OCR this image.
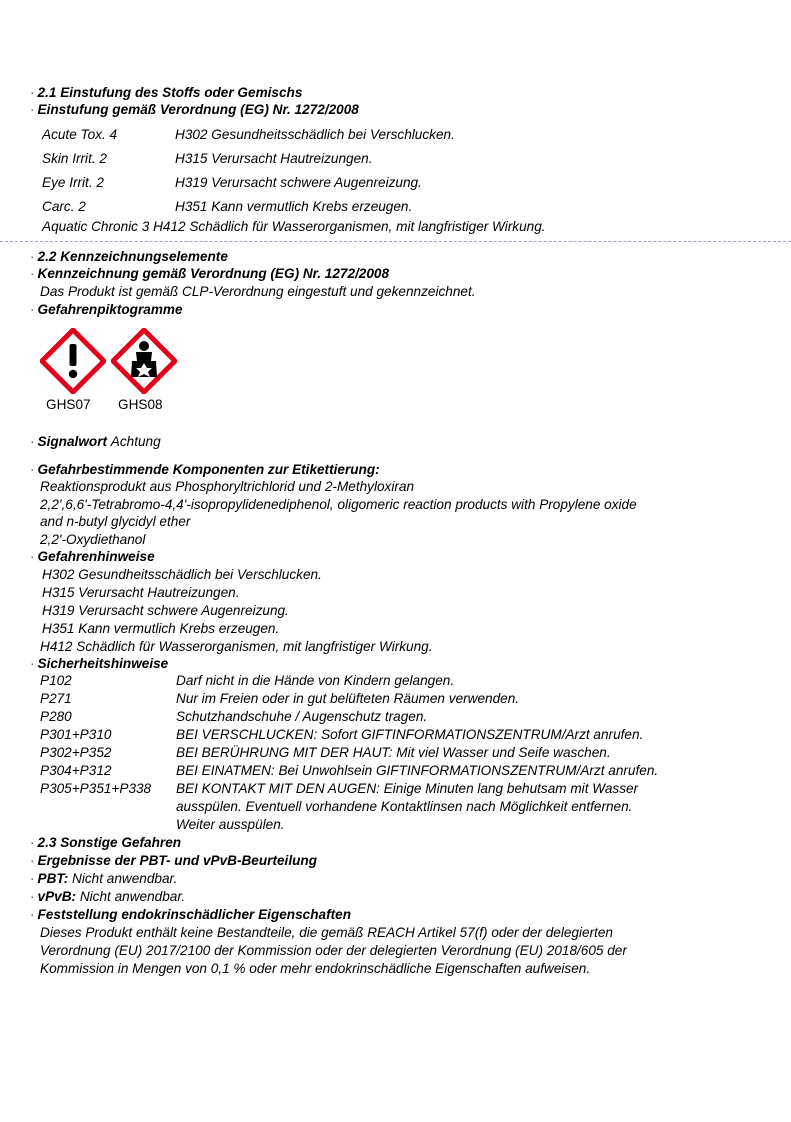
· 2.1 Einstufung des Stoffs oder Gemischs
· Einstufung gemäß Verordnung (EG) Nr. 1272/2008
Acute Tox. 4	H302 Gesundheitsschädlich bei Verschlucken.
Skin Irrit. 2	H315 Verursacht Hautreizungen.
Eye Irrit. 2	H319 Verursacht schwere Augenreizung.
Carc. 2	H351 Kann vermutlich Krebs erzeugen.
Aquatic Chronic 3 H412 Schädlich für Wasserorganismen, mit langfristiger Wirkung.
· 2.2 Kennzeichnungselemente
· Kennzeichnung gemäß Verordnung (EG) Nr. 1272/2008
Das Produkt ist gemäß CLP-Verordnung eingestuft und gekennzeichnet.
· Gefahrenpiktogramme
GHS07 GHS08
· Signalwort Achtung
· Gefahrbestimmende Komponenten zur Etikettierung:
Reaktionsprodukt aus Phosphoryltrichlorid und 2-Methyloxiran
2,2',6,6'-Tetrabromo-4,4'-isopropylidenediphenol, oligomeric reaction products with Propylene oxide
and n-butyl glycidyl ether
2,2'-Oxydiethanol
· Gefahrenhinweise
H302 Gesundheitsschädlich bei Verschlucken.
H315 Verursacht Hautreizungen.
H319 Verursacht schwere Augenreizung.
H351 Kann vermutlich Krebs erzeugen.
H412 Schädlich für Wasserorganismen, mit langfristiger Wirkung.
· Sicherheitshinweise
P102	Darf nicht in die Hände von Kindern gelangen.
P271	Nur im Freien oder in gut belüfteten Räumen verwenden.
P280	Schutzhandschuhe / Augenschutz tragen.
P301+P310	BEI VERSCHLUCKEN: Sofort GIFTINFORMATIONSZENTRUM/Arzt anrufen.
P302+P352	BEI BERÜHRUNG MIT DER HAUT: Mit viel Wasser und Seife waschen.
P304+P312	BEI EINATMEN: Bei Unwohlsein GIFTINFORMATIONSZENTRUM/Arzt anrufen.
P305+P351+P338 BEI KONTAKT MIT DEN AUGEN: Einige Minuten lang behutsam mit Wasser
ausspülen. Eventuell vorhandene Kontaktlinsen nach Möglichkeit entfernen.
Weiter ausspülen.
· 2.3 Sonstige Gefahren
· Ergebnisse der PBT- und vPvB-Beurteilung
· PBT: Nicht anwendbar.
· vPvB: Nicht anwendbar.
· Feststellung endokrinschädlicher Eigenschaften
Dieses Produkt enthält keine Bestandteile, die gemäß REACH Artikel 57(f) oder der delegierten
Verordnung (EU) 2017/2100 der Kommission oder der delegierten Verordnung (EU) 2018/605 der
Kommission in Mengen von 0,1 % oder mehr endokrinschädliche Eigenschaften aufweisen.
